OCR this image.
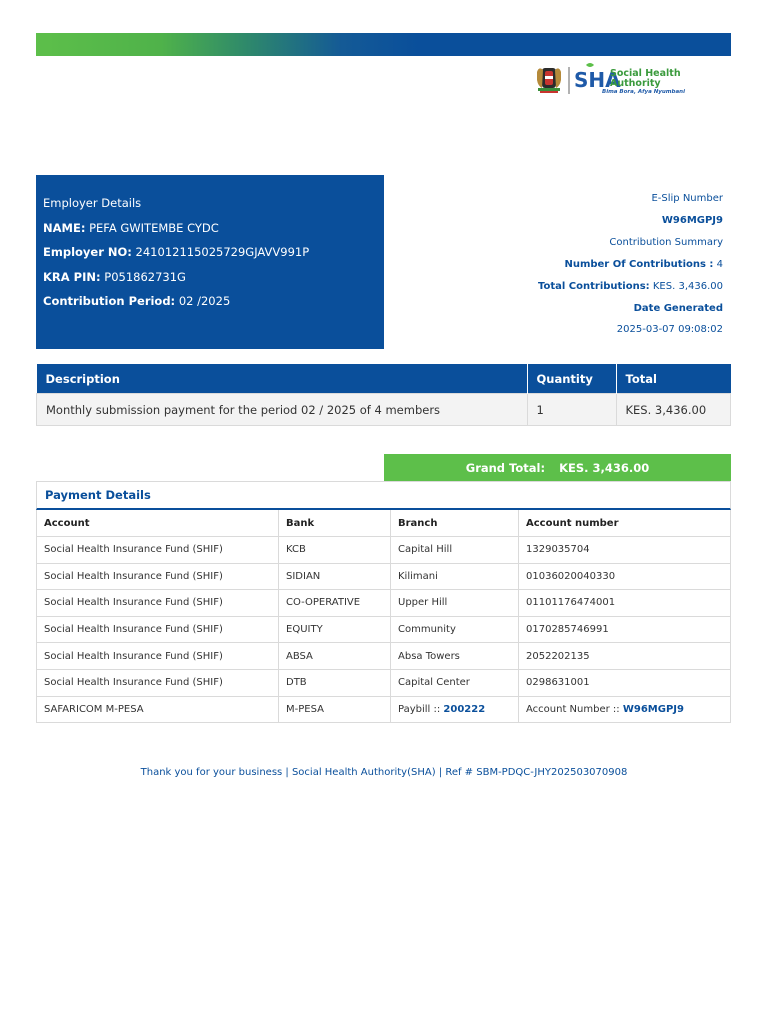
SHA
Social Health
Authority
Bima Bora, Afya Nyumbani
Employer Details
NAME: PEFA GWITEMBE CYDC
Employer NO: 241012115025729GJAVV991P
KRA PIN: P051862731G
Contribution Period: 02 /2025
E-Slip Number
W96MGPJ9
Contribution Summary
Number Of Contributions : 4
Total Contributions: KES. 3,436.00
Date Generated
2025-03-07 09:08:02
Description	Quantity	Total
Monthly submission payment for the period 02 / 2025 of 4 members	1	KES. 3,436.00
Grand Total: KES. 3,436.00
Payment Details
Account	Bank	Branch	Account number
Social Health Insurance Fund (SHIF)	KCB	Capital Hill	1329035704
Social Health Insurance Fund (SHIF)	SIDIAN	Kilimani	01036020040330
Social Health Insurance Fund (SHIF)	CO-OPERATIVE	Upper Hill	01101176474001
Social Health Insurance Fund (SHIF)	EQUITY	Community	0170285746991
Social Health Insurance Fund (SHIF)	ABSA	Absa Towers	2052202135
Social Health Insurance Fund (SHIF)	DTB	Capital Center	0298631001
SAFARICOM M-PESA	M-PESA	Paybill :: 200222	Account Number :: W96MGPJ9
Thank you for your business | Social Health Authority(SHA) | Ref # SBM-PDQC-JHY202503070908
